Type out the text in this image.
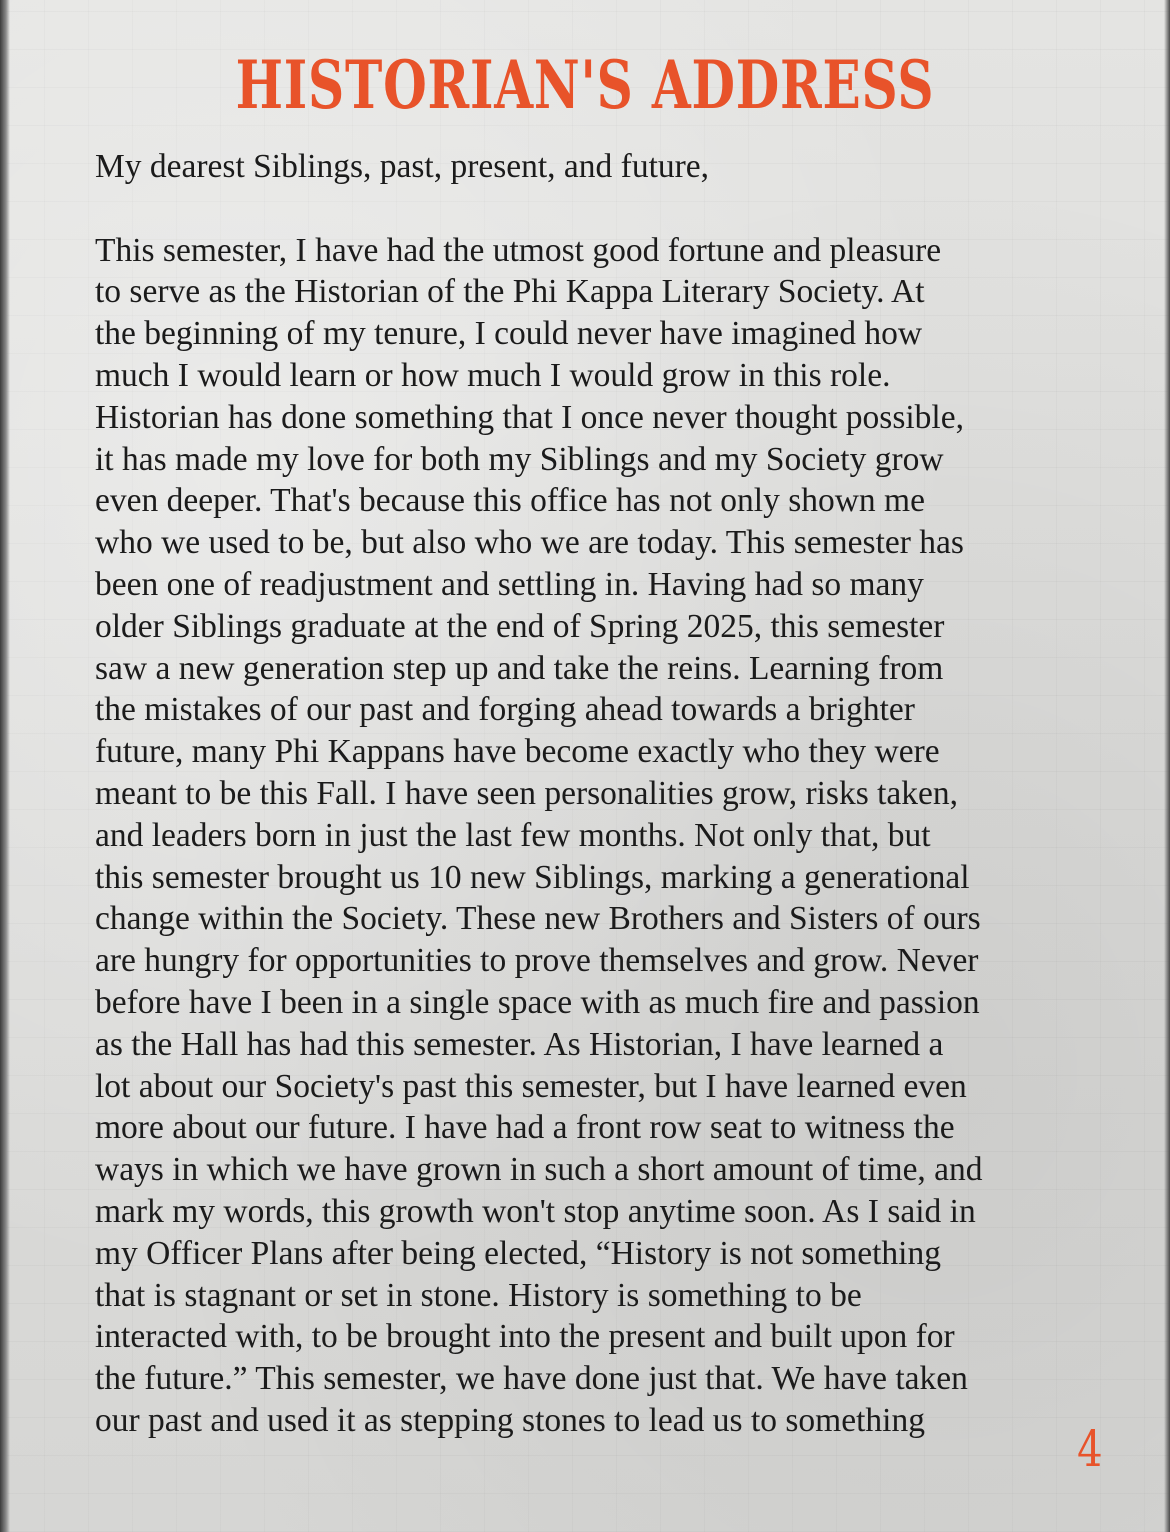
HISTORIAN'S ADDRESS

My dearest Siblings, past, present, and future,

This semester, I have had the utmost good fortune and pleasure
to serve as the Historian of the Phi Kappa Literary Society. At
the beginning of my tenure, I could never have imagined how
much I would learn or how much I would grow in this role.
Historian has done something that I once never thought possible,
it has made my love for both my Siblings and my Society grow
even deeper. That's because this office has not only shown me
who we used to be, but also who we are today. This semester has
been one of readjustment and settling in. Having had so many
older Siblings graduate at the end of Spring 2025, this semester
saw a new generation step up and take the reins. Learning from
the mistakes of our past and forging ahead towards a brighter
future, many Phi Kappans have become exactly who they were
meant to be this Fall. I have seen personalities grow, risks taken,
and leaders born in just the last few months. Not only that, but
this semester brought us 10 new Siblings, marking a generational
change within the Society. These new Brothers and Sisters of ours
are hungry for opportunities to prove themselves and grow. Never
before have I been in a single space with as much fire and passion
as the Hall has had this semester. As Historian, I have learned a
lot about our Society's past this semester, but I have learned even
more about our future. I have had a front row seat to witness the
ways in which we have grown in such a short amount of time, and
mark my words, this growth won't stop anytime soon. As I said in
my Officer Plans after being elected, “History is not something
that is stagnant or set in stone. History is something to be
interacted with, to be brought into the present and built upon for
the future.” This semester, we have done just that. We have taken
our past and used it as stepping stones to lead us to something	4
